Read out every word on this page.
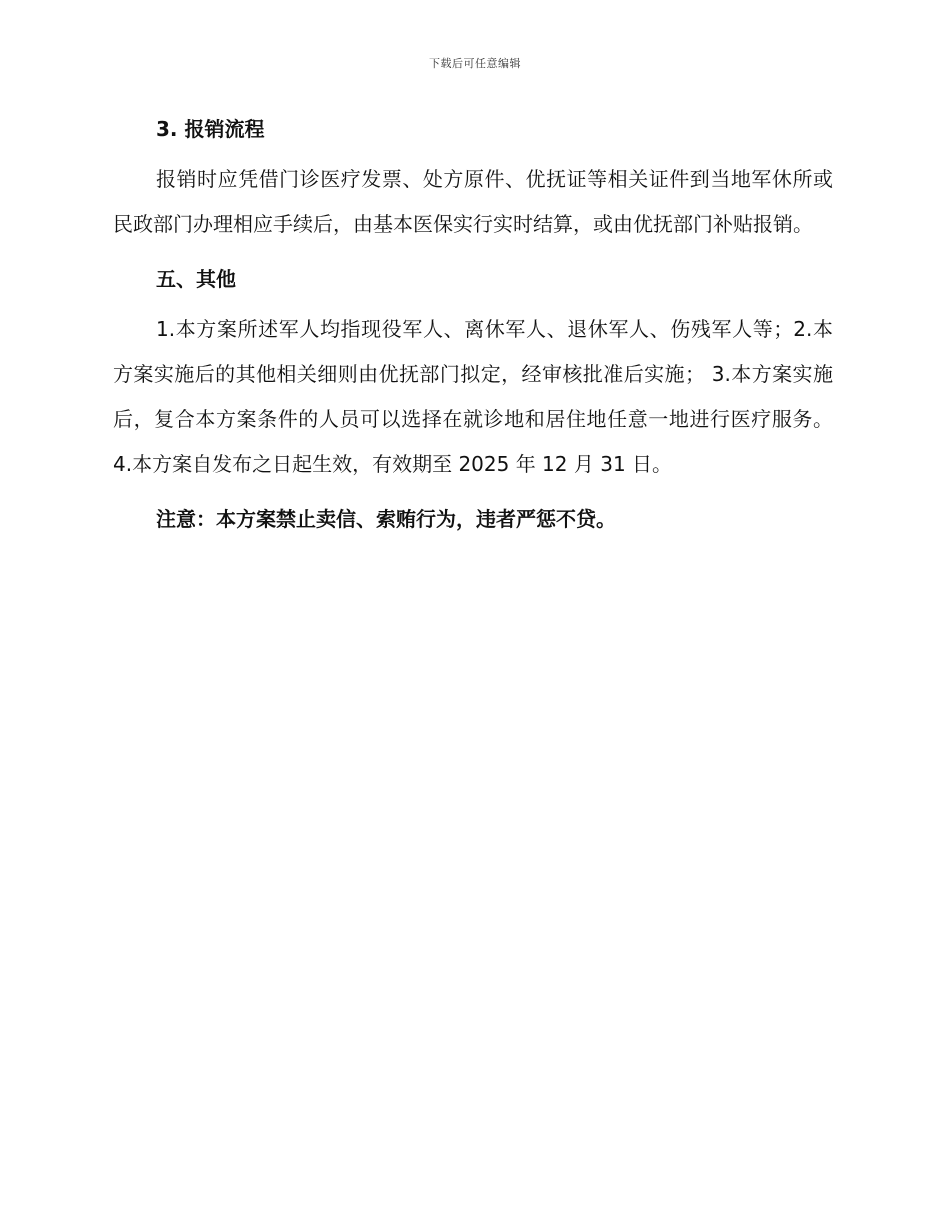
下载后可任意编辑

3. 报销流程

报销时应凭借门诊医疗发票、处方原件、优抚证等相关证件到当地军休所或民政部门办理相应手续后，由基本医保实行实时结算，或由优抚部门补贴报销。

五、其他

1.本方案所述军人均指现役军人、离休军人、退休军人、伤残军人等；2.本方案实施后的其他相关细则由优抚部门拟定，经审核批准后实施； 3.本方案实施后，复合本方案条件的人员可以选择在就诊地和居住地任意一地进行医疗服务。 4.本方案自发布之日起生效，有效期至 2025 年 12 月 31 日。

注意：本方案禁止卖信、索贿行为，违者严惩不贷。
